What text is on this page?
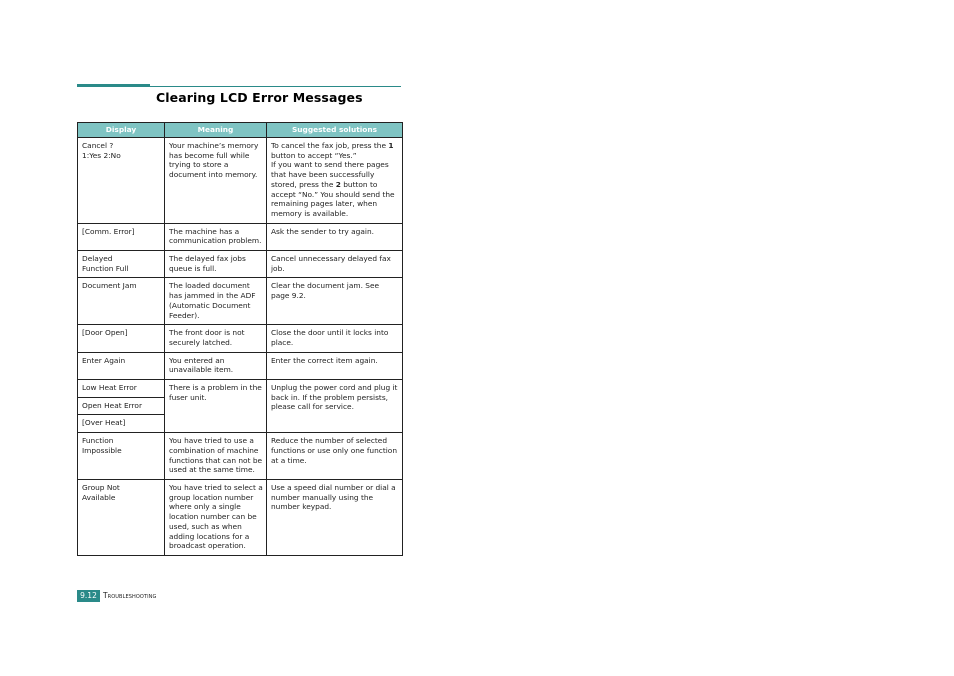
Clearing LCD Error Messages
Display	Meaning	Suggested solutions
Cancel ?
1:Yes 2:No	Your machine’s memory has become full while trying to store a document into memory.	To cancel the fax job, press the 1
button to accept “Yes.”
If you want to send there pages that have been successfully stored, press the 2 button to accept “No.” You should send the remaining pages later, when memory is available.
[Comm. Error]	The machine has a communication problem.	Ask the sender to try again.
Delayed
Function Full	The delayed fax jobs queue is full.	Cancel unnecessary delayed fax job.
Document Jam	The loaded document has jammed in the ADF (Automatic Document Feeder).	Clear the document jam. See page 9.2.
[Door Open]	The front door is not securely latched.	Close the door until it locks into place.
Enter Again	You entered an unavailable item.	Enter the correct item again.
Low Heat Error	There is a problem in the fuser unit.	Unplug the power cord and plug it back in. If the problem persists, please call for service.
Open Heat Error		
[Over Heat]		
Function
Impossible	You have tried to use a combination of machine functions that can not be used at the same time.	Reduce the number of selected functions or use only one function at a time.
Group Not
Available	You have tried to select a group location number where only a single location number can be used, such as when adding locations for a broadcast operation.	Use a speed dial number or dial a number manually using the number keypad.
9.12 Troubleshooting
